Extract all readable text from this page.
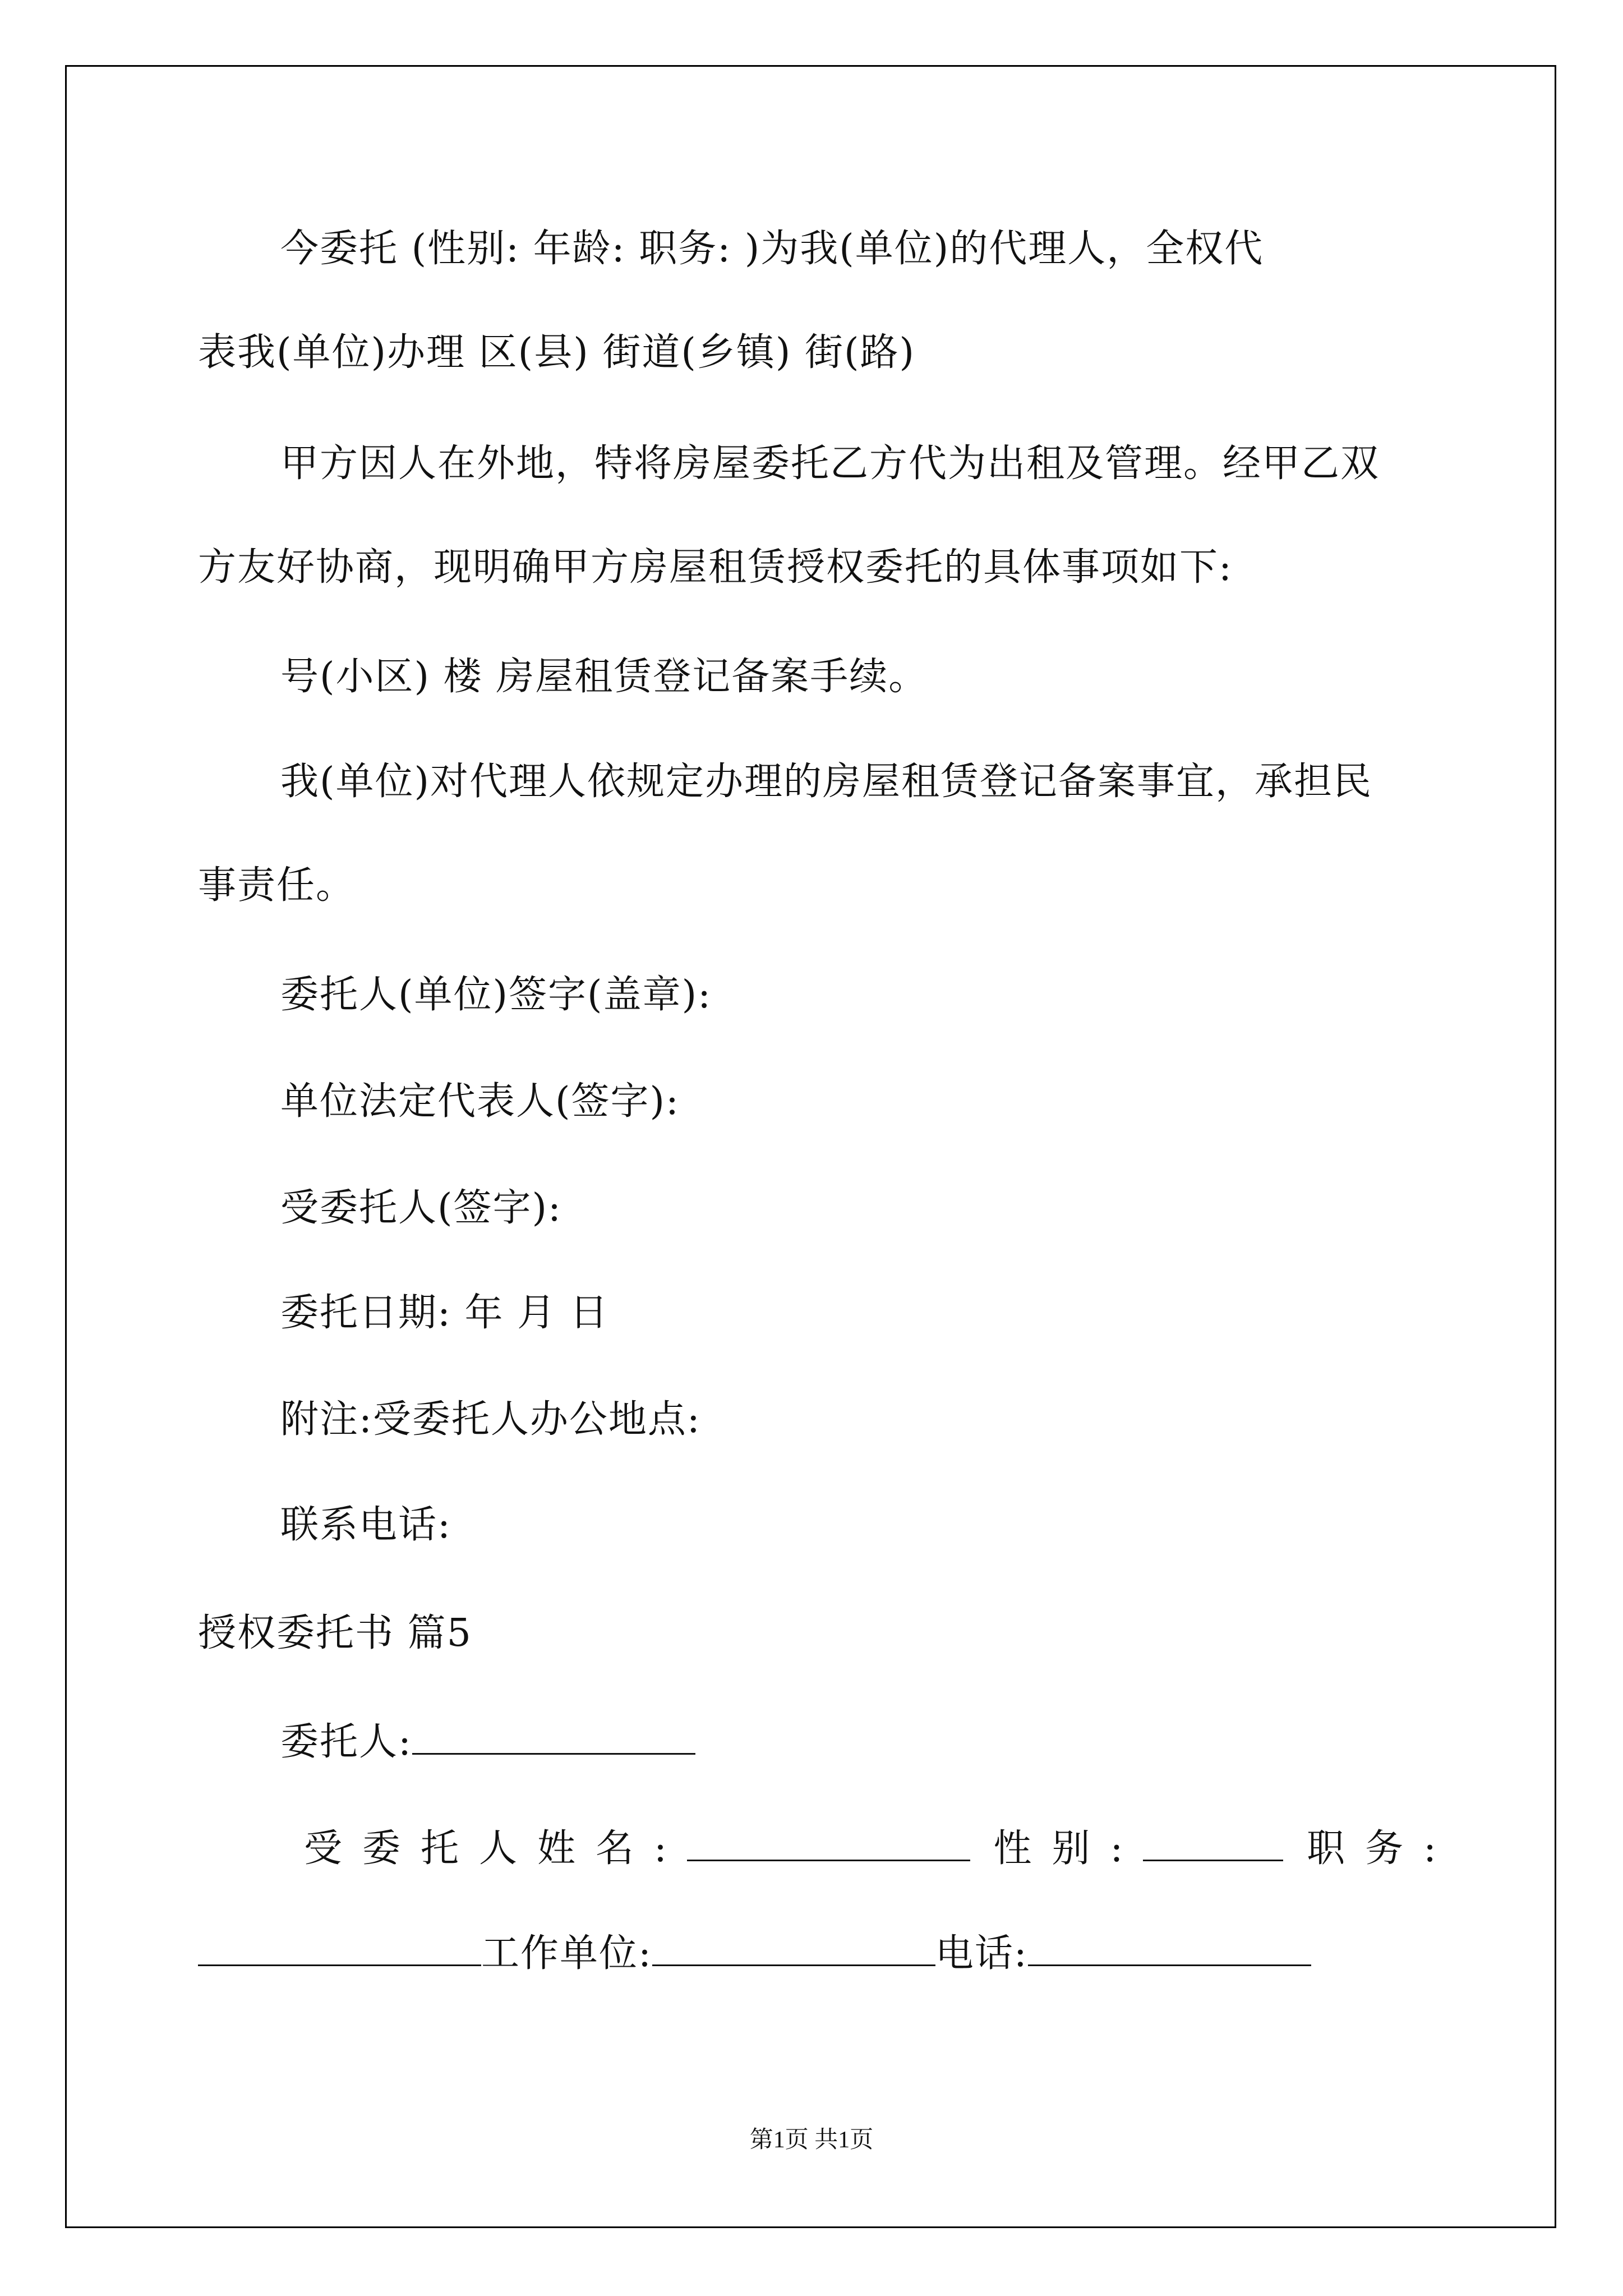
今委托 (性别: 年龄: 职务: )为我(单位)的代理人，全权代
表我(单位)办理 区(县) 街道(乡镇) 街(路)
甲方因人在外地，特将房屋委托乙方代为出租及管理。经甲乙双
方友好协商，现明确甲方房屋租赁授权委托的具体事项如下:
号(小区) 楼 房屋租赁登记备案手续。
我(单位)对代理人依规定办理的房屋租赁登记备案事宜，承担民
事责任。
委托人(单位)签字(盖章):
单位法定代表人(签字):
受委托人(签字):
委托日期: 年 月 日
附注:受委托人办公地点:
联系电话:
授权委托书 篇5
委托人:
受委托人姓名:	性别:	职务:
工作单位:	电话:
第1页 共1页
